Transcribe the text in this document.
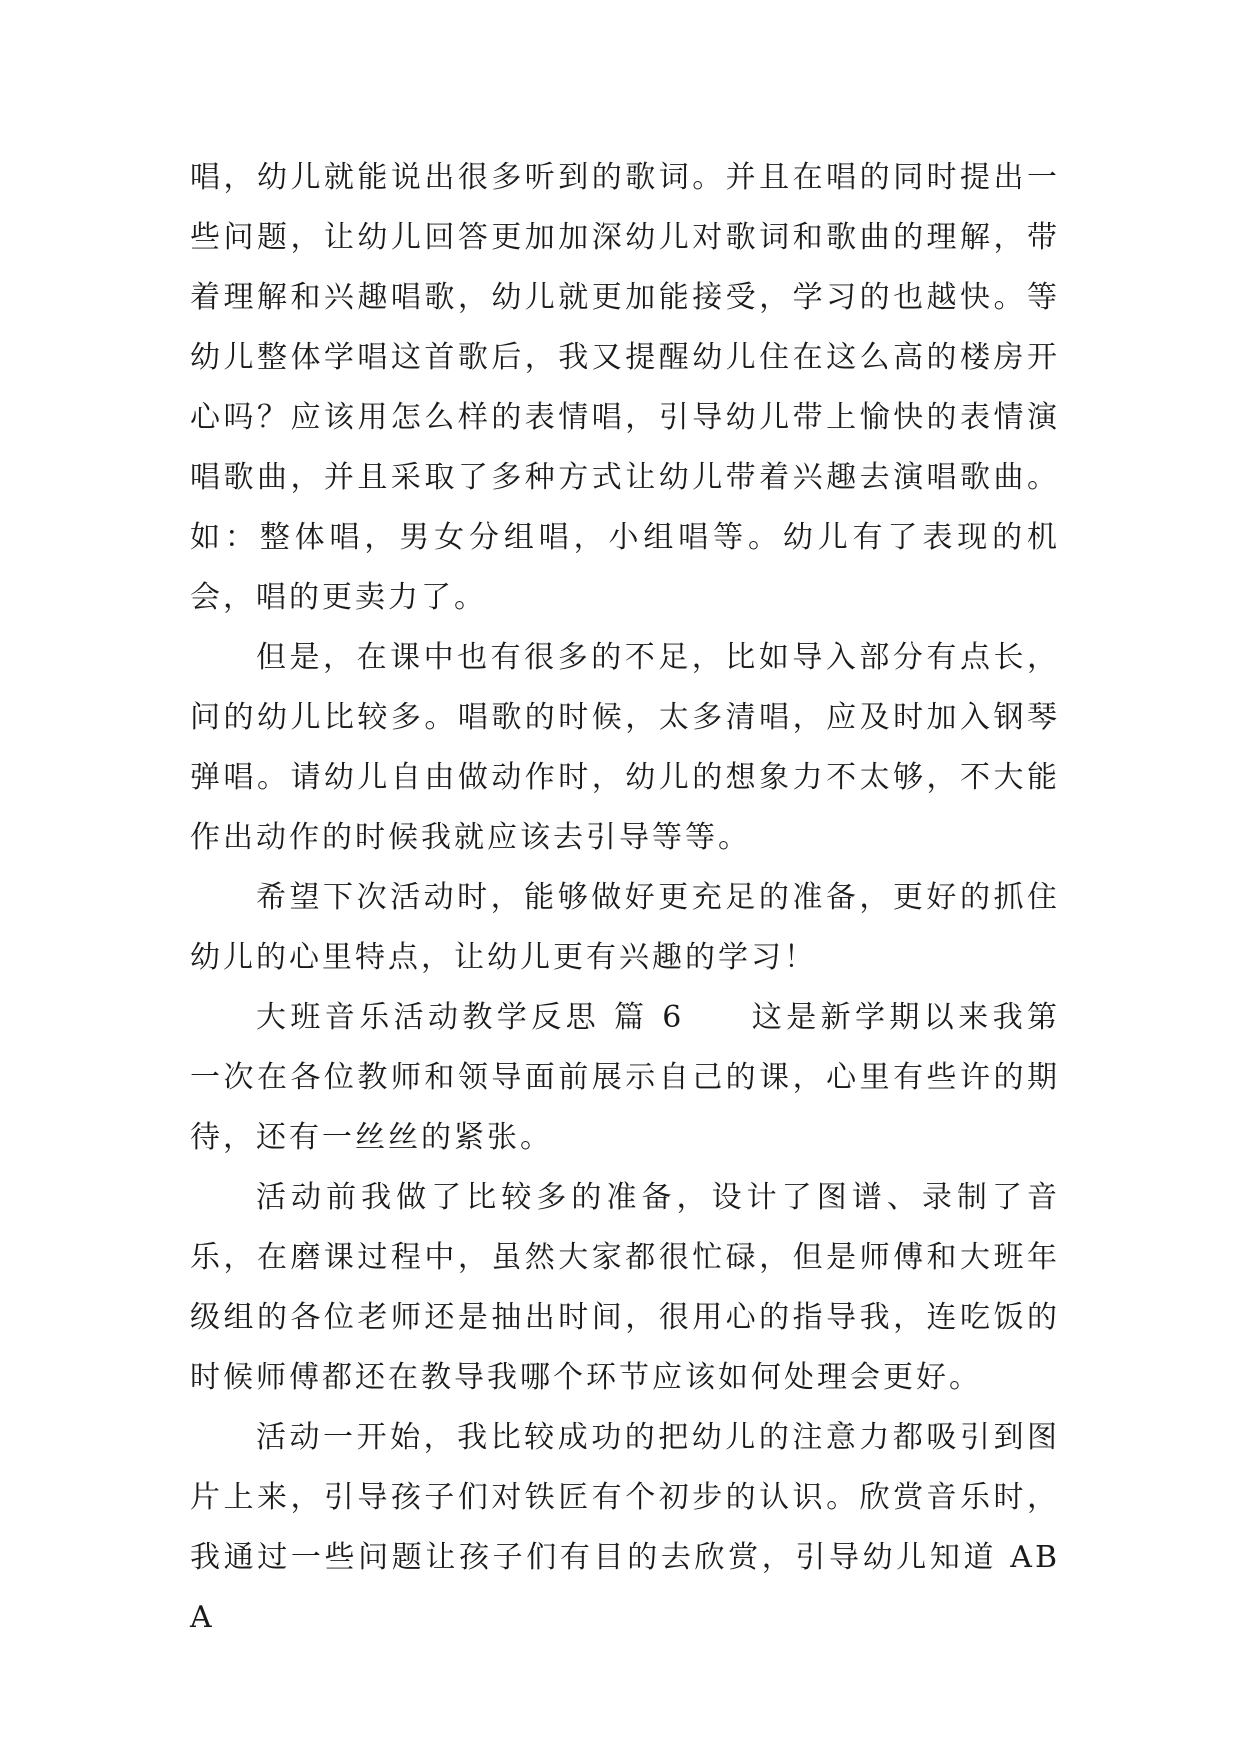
唱，幼儿就能说出很多听到的歌词。并且在唱的同时提出一些问题，让幼儿回答更加加深幼儿对歌词和歌曲的理解，带着理解和兴趣唱歌，幼儿就更加能接受，学习的也越快。等幼儿整体学唱这首歌后，我又提醒幼儿住在这么高的楼房开心吗？应该用怎么样的表情唱，引导幼儿带上愉快的表情演唱歌曲，并且采取了多种方式让幼儿带着兴趣去演唱歌曲。如：整体唱，男女分组唱，小组唱等。幼儿有了表现的机会，唱的更卖力了。

但是，在课中也有很多的不足，比如导入部分有点长，问的幼儿比较多。唱歌的时候，太多清唱，应及时加入钢琴弹唱。请幼儿自由做动作时，幼儿的想象力不太够，不大能作出动作的时候我就应该去引导等等。

希望下次活动时，能够做好更充足的准备，更好的抓住幼儿的心里特点，让幼儿更有兴趣的学习！

大班音乐活动教学反思 篇 6 这是新学期以来我第一次在各位教师和领导面前展示自己的课，心里有些许的期待，还有一丝丝的紧张。

活动前我做了比较多的准备，设计了图谱、录制了音乐，在磨课过程中，虽然大家都很忙碌，但是师傅和大班年级组的各位老师还是抽出时间，很用心的指导我，连吃饭的时候师傅都还在教导我哪个环节应该如何处理会更好。

活动一开始，我比较成功的把幼儿的注意力都吸引到图片上来，引导孩子们对铁匠有个初步的认识。欣赏音乐时，我通过一些问题让孩子们有目的去欣赏，引导幼儿知道 ABA
